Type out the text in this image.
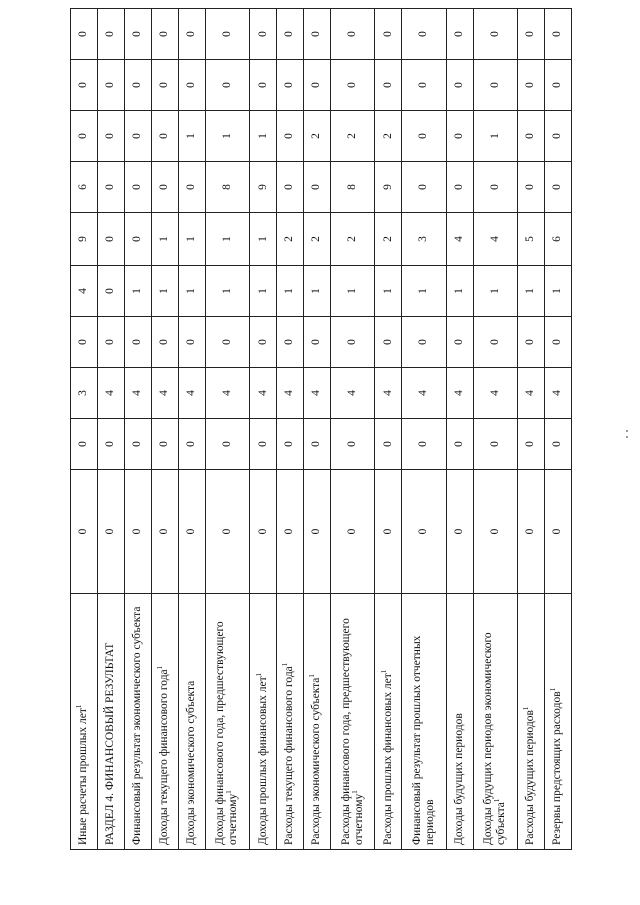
Иные расчеты прошлых лет$^1$	0	0	3	0	4	9	6	0	0	0
РАЗДЕЛ 4. ФИНАНСОВЫЙ РЕЗУЛЬТАТ	0	0	4	0	0	0	0	0	0	0
Финансовый результат экономического субъекта	0	0	4	0	1	0	0	0	0	0
Доходы текущего финансового года$^1$	0	0	4	0	1	1	0	0	0	0
Доходы экономического субъекта	0	0	4	0	1	1	0	1	0	0
Доходы финансового года, предшествующего отчетному$^1$	0	0	4	0	1	1	8	1	0	0
Доходы прошлых финансовых лет$^1$	0	0	4	0	1	1	9	1	0	0
Расходы текущего финансового года$^1$	0	0	4	0	1	2	0	0	0	0
Расходы экономического субъекта$^1$	0	0	4	0	1	2	0	2	0	0
Расходы финансового года, предшествующего отчетному$^1$	0	0	4	0	1	2	8	2	0	0
Расходы прошлых финансовых лет$^1$	0	0	4	0	1	2	9	2	0	0
Финансовый результат прошлых отчетных периодов	0	0	4	0	1	3	0	0	0	0
Доходы будущих периодов	0	0	4	0	1	4	0	0	0	0
Доходы будущих периодов экономического субъекта$^1$	0	0	4	0	1	4	0	1	0	0
Расходы будущих периодов$^1$	0	0	4	0	1	5	0	0	0	0
Резервы предстоящих расходов$^1$	0	0	4	0	1	6	0	0	0	0
